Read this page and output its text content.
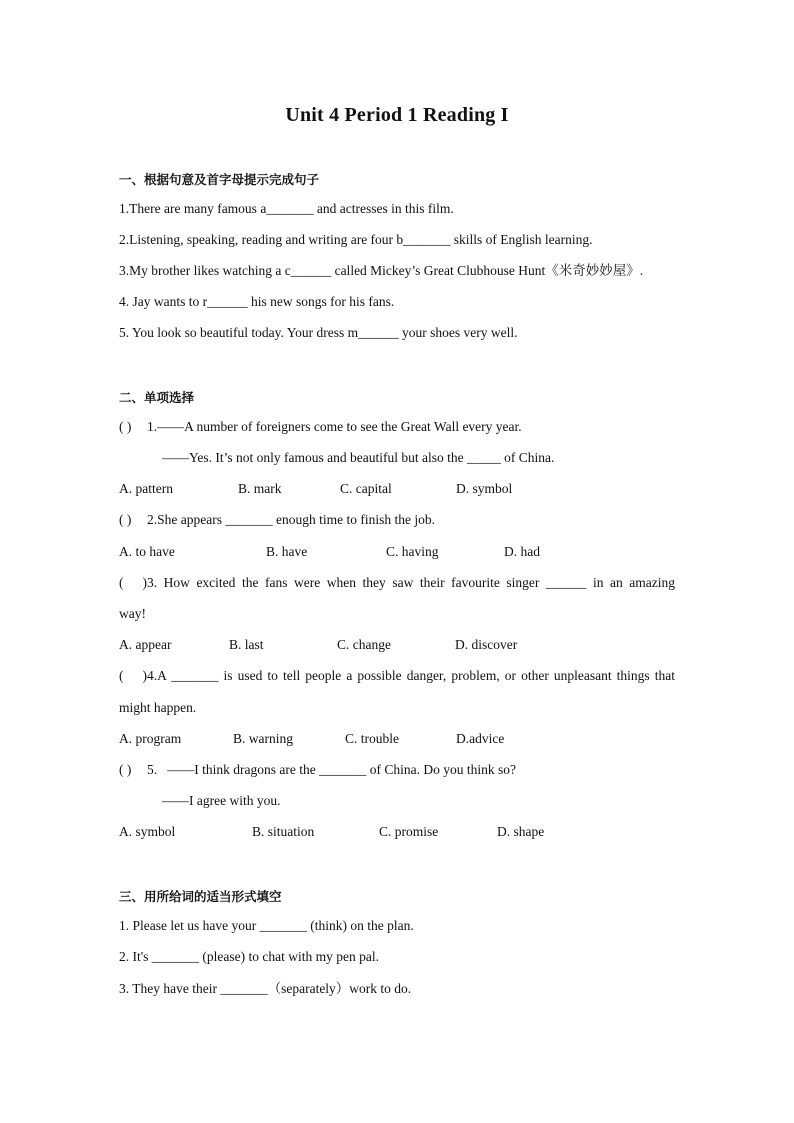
Unit 4 Period 1 Reading I
一、根据句意及首字母提示完成句子
1.There are many famous a_______ and actresses in this film.
2.Listening, speaking, reading and writing are four b_______ skills of English learning.
3.My brother likes watching a c______ called Mickey’s Great Clubhouse Hunt《米奇妙妙屋》.
4. Jay wants to r______ his new songs for his fans.
5. You look so beautiful today. Your dress m______ your shoes very well.
二、单项选择
( ) 1.——A number of foreigners come to see the Great Wall every year.
——Yes. It’s not only famous and beautiful but also the _____ of China.
A. pattern	B. mark	C. capital	D. symbol
( ) 2.She appears _______ enough time to finish the job.
A. to have	B. have	C. having	D. had
( )3. How excited the fans were when they saw their favourite singer ______ in an amazing
way!
A. appear	B. last	C. change	D. discover
( )4.A _______ is used to tell people a possible danger, problem, or other unpleasant things that
might happen.
A. program	B. warning	C. trouble	D.advice
( ) 5.   ——I think dragons are the _______ of China. Do you think so?
——I agree with you.
A. symbol	B. situation	C. promise	D. shape
三、用所给词的适当形式填空
1. Please let us have your _______ (think) on the plan.
2. It's _______ (please) to chat with my pen pal.
3. They have their _______（separately）work to do.
